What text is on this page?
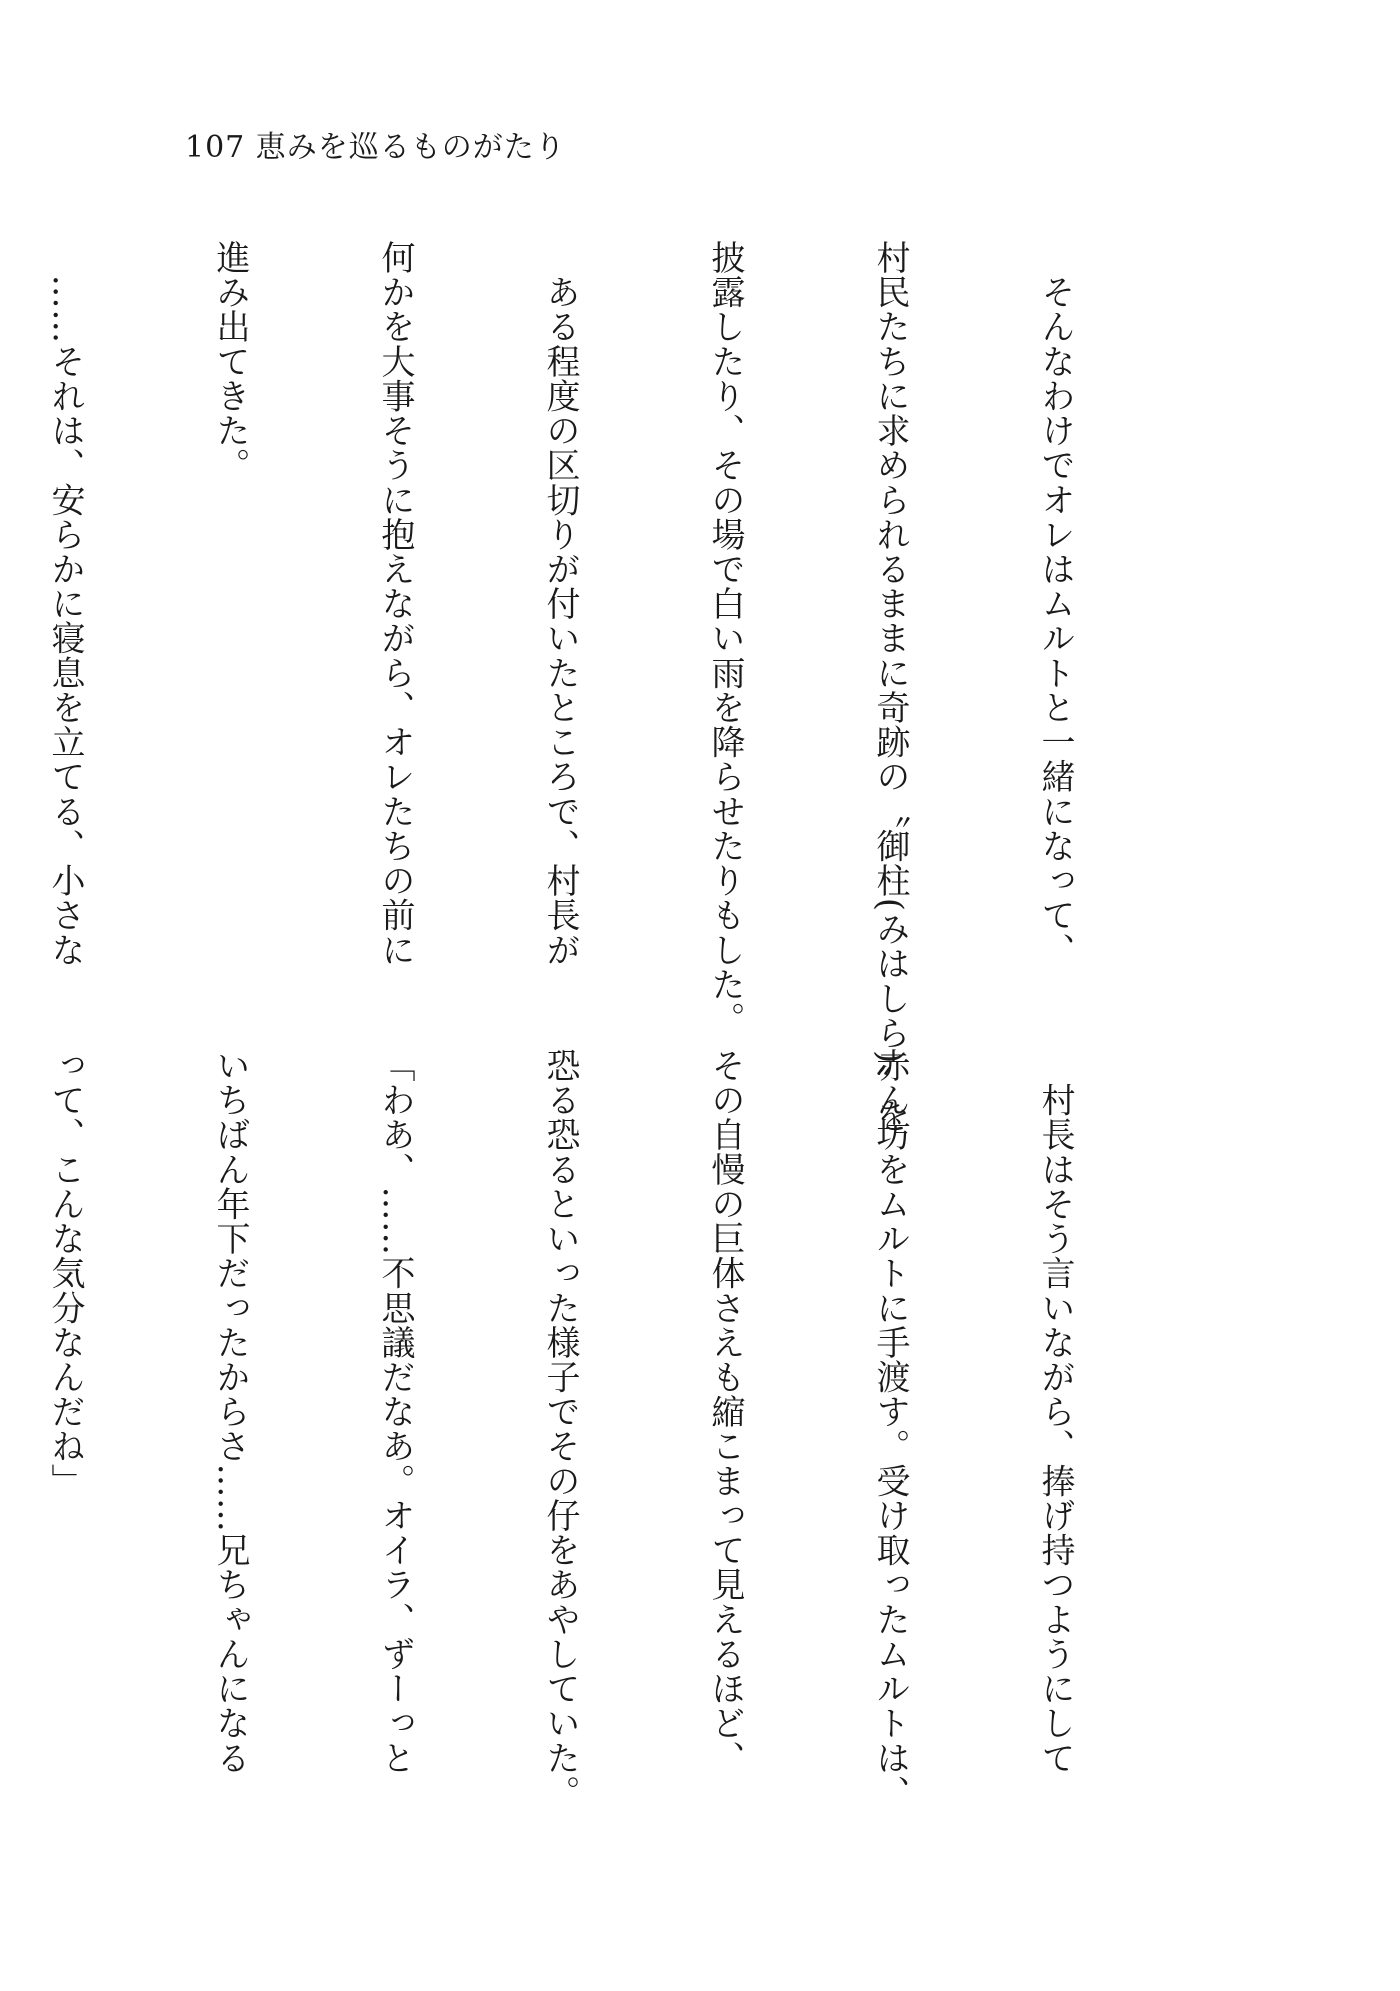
107 恵みを巡るものがたり

　そんなわけでオレはムルトと一緒になって、

村民たちに求められるままに奇跡の〝御柱(みはしら)〟を

披露したり、その場で白い雨を降らせたりもした。

　ある程度の区切りが付いたところで、村長が

何かを大事そうに抱えながら、オレたちの前に

進み出てきた。

　……それは、安らかに寝息を立てる、小さな

　村長はそう言いながら、捧げ持つようにして

赤ん坊をムルトに手渡す。受け取ったムルトは、

その自慢の巨体さえも縮こまって見えるほど、

恐る恐るといった様子でその仔をあやしていた。

「わあ、……不思議だなあ。オイラ、ずーっと

いちばん年下だったからさ……兄ちゃんになる

って、こんな気分なんだね」
